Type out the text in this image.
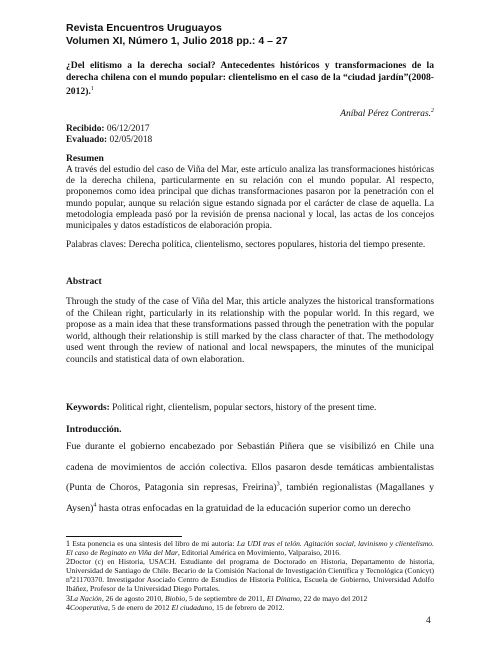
Revista Encuentros Uruguayos
Volumen XI, Número 1, Julio 2018 pp.: 4 – 27
¿Del elitismo a la derecha social? Antecedentes históricos y transformaciones de la derecha chilena con el mundo popular: clientelismo en el caso de la “ciudad jardín”(2008-2012).$^1$
Aníbal Pérez Contreras.$^2$
Recibido: 06/12/2017
Evaluado: 02/05/2018
Resumen
A través del estudio del caso de Viña del Mar, este artículo analiza las transformaciones históricas de la derecha chilena, particularmente en su relación con el mundo popular. Al respecto, proponemos como idea principal que dichas transformaciones pasaron por la penetración con el mundo popular, aunque su relación sigue estando signada por el carácter de clase de aquella. La metodología empleada pasó por la revisión de prensa nacional y local, las actas de los concejos municipales y datos estadísticos de elaboración propia.
Palabras claves: Derecha política, clientelismo, sectores populares, historia del tiempo presente.
Abstract
Through the study of the case of Viña del Mar, this article analyzes the historical transformations of the Chilean right, particularly in its relationship with the popular world. In this regard, we propose as a main idea that these transformations passed through the penetration with the popular world, although their relationship is still marked by the class character of that. The methodology used went through the review of national and local newspapers, the minutes of the municipal councils and statistical data of own elaboration.
Keywords: Political right, clientelism, popular sectors, history of the present time.
Introducción.
Fue durante el gobierno encabezado por Sebastián Piñera que se visibilizó en Chile una cadena de movimientos de acción colectiva. Ellos pasaron desde temáticas ambientalistas (Punta de Choros, Patagonia sin represas, Freirina)$^3$, también regionalistas (Magallanes y Aysen)$^4$ hasta otras enfocadas en la gratuidad de la educación superior como un derecho

1 Esta ponencia es una síntesis del libro de mi autoría: La UDI tras el telón. Agitación social, lavinismo y clientelismo. El caso de Reginato en Viña del Mar, Editorial América en Movimiento, Valparaíso, 2016.

2Doctor (c) en Historia, USACH. Estudiante del programa de Doctorado en Historia, Departamento de historia, Universidad de Santiago de Chile. Becario de la Comisión Nacional de Investigación Científica y Tecnológica (Conicyt) nº21170370. Investigador Asociado Centro de Estudios de Historia Política, Escuela de Gobierno, Universidad Adolfo Ibáñez, Profesor de la Universidad Diego Portales.

3La Nación, 26 de agosto 2010, Biobio, 5 de septiembre de 2011, El Dínamo, 22 de mayo del 2012

4Cooperativa, 5 de enero de 2012 El ciudadano, 15 de febrero de 2012.

4
